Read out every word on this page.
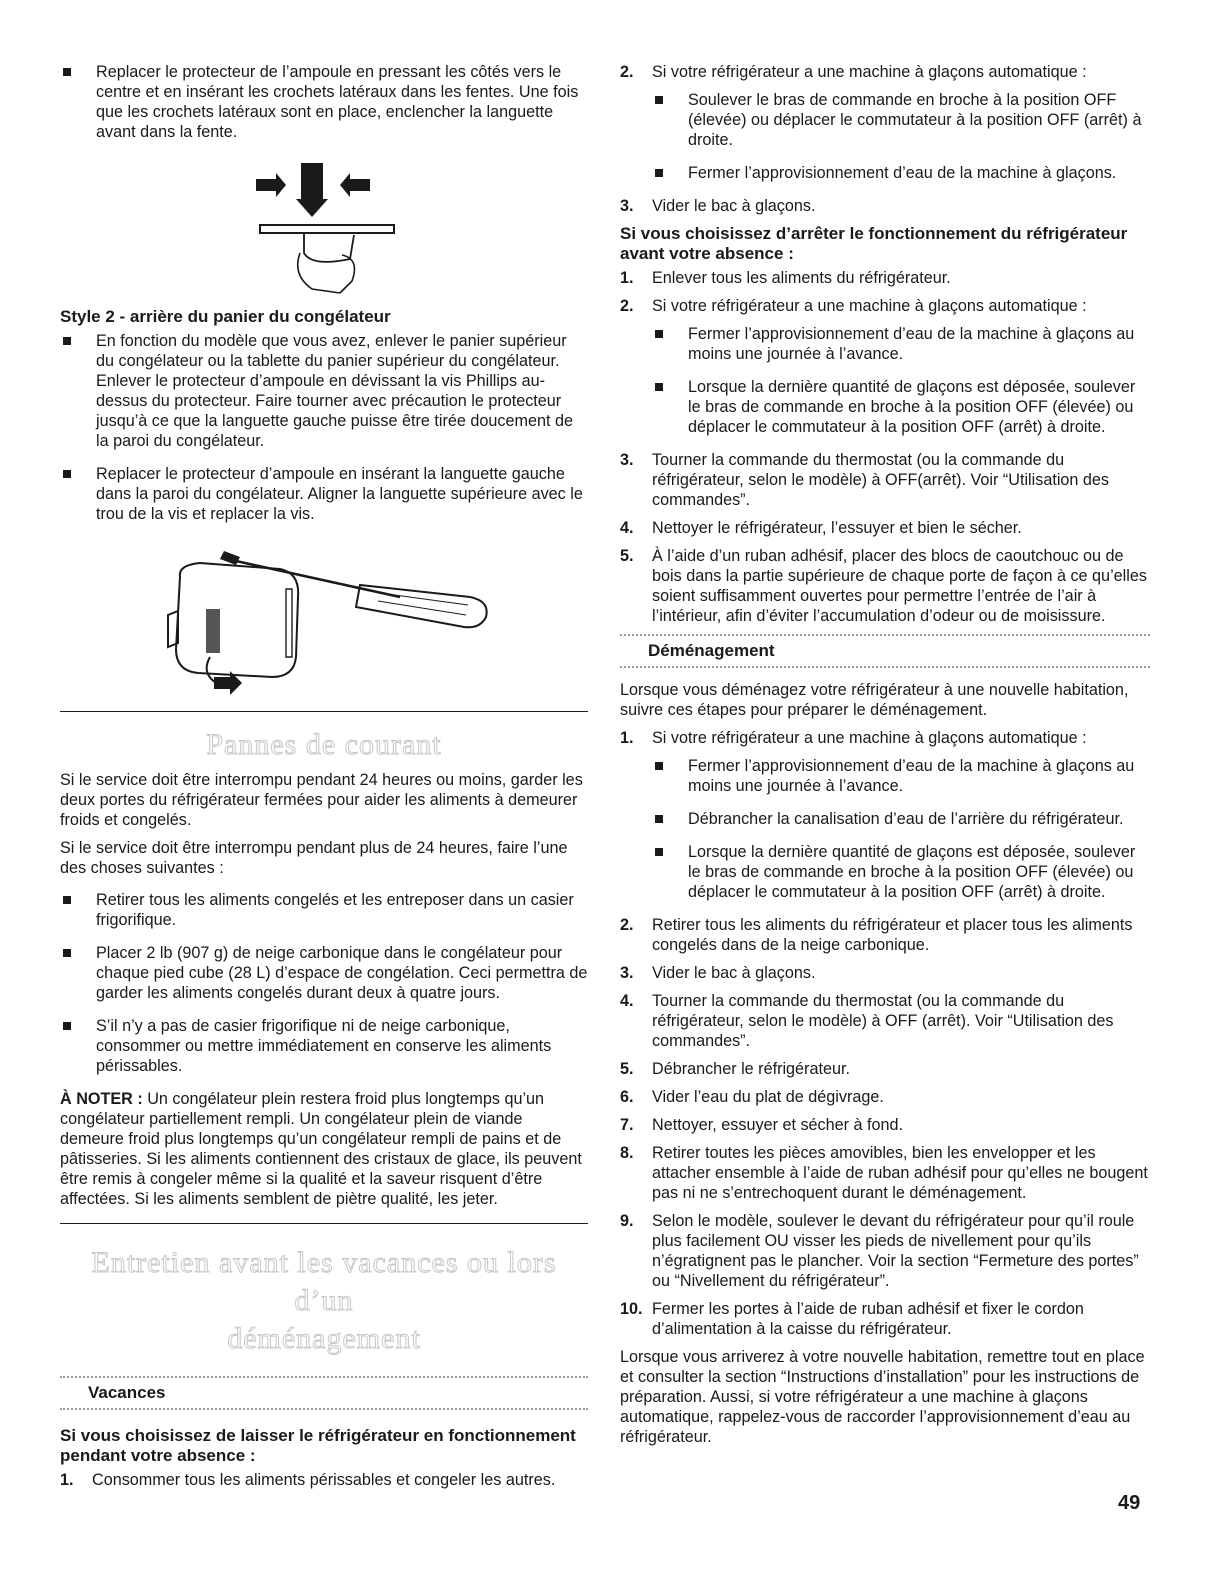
Replacer le protecteur de l’ampoule en pressant les côtés vers le centre et en insérant les crochets latéraux dans les fentes. Une fois que les crochets latéraux sont en place, enclencher la languette avant dans la fente.
Style 2 - arrière du panier du congélateur
En fonction du modèle que vous avez, enlever le panier supérieur du congélateur ou la tablette du panier supérieur du congélateur. Enlever le protecteur d’ampoule en dévissant la vis Phillips au-dessus du protecteur. Faire tourner avec précaution le protecteur jusqu’à ce que la languette gauche puisse être tirée doucement de la paroi du congélateur.
Replacer le protecteur d’ampoule en insérant la languette gauche dans la paroi du congélateur. Aligner la languette supérieure avec le trou de la vis et replacer la vis.
Pannes de courant

Si le service doit être interrompu pendant 24 heures ou moins, garder les deux portes du réfrigérateur fermées pour aider les aliments à demeurer froids et congelés.

Si le service doit être interrompu pendant plus de 24 heures, faire l’une des choses suivantes :

Retirer tous les aliments congelés et les entreposer dans un casier frigorifique.
Placer 2 lb (907 g) de neige carbonique dans le congélateur pour chaque pied cube (28 L) d’espace de congélation. Ceci permettra de garder les aliments congelés durant deux à quatre jours.
S’il n’y a pas de casier frigorifique ni de neige carbonique, consommer ou mettre immédiatement en conserve les aliments périssables.

À NOTER : Un congélateur plein restera froid plus longtemps qu’un congélateur partiellement rempli. Un congélateur plein de viande demeure froid plus longtemps qu’un congélateur rempli de pains et de pâtisseries. Si les aliments contiennent des cristaux de glace, ils peuvent être remis à congeler même si la qualité et la saveur risquent d’être affectées. Si les aliments semblent de piètre qualité, les jeter.

Entretien avant les vacances ou lors d’un
déménagement
Vacances
Si vous choisissez de laisser le réfrigérateur en fonctionnement pendant votre absence :
1. Consommer tous les aliments périssables et congeler les autres.
2. Si votre réfrigérateur a une machine à glaçons automatique :
Soulever le bras de commande en broche à la position OFF (élevée) ou déplacer le commutateur à la position OFF (arrêt) à droite.
Fermer l’approvisionnement d’eau de la machine à glaçons.
3. Vider le bac à glaçons.
Si vous choisissez d’arrêter le fonctionnement du réfrigérateur avant votre absence :
1. Enlever tous les aliments du réfrigérateur.
2. Si votre réfrigérateur a une machine à glaçons automatique :
Fermer l’approvisionnement d’eau de la machine à glaçons au moins une journée à l’avance.
Lorsque la dernière quantité de glaçons est déposée, soulever le bras de commande en broche à la position OFF (élevée) ou déplacer le commutateur à la position OFF (arrêt) à droite.
3. Tourner la commande du thermostat (ou la commande du réfrigérateur, selon le modèle) à OFF(arrêt). Voir “Utilisation des commandes”.
4. Nettoyer le réfrigérateur, l’essuyer et bien le sécher.
5. À l’aide d’un ruban adhésif, placer des blocs de caoutchouc ou de bois dans la partie supérieure de chaque porte de façon à ce qu’elles soient suffisamment ouvertes pour permettre l’entrée de l’air à l’intérieur, afin d’éviter l’accumulation d’odeur ou de moisissure.
Déménagement

Lorsque vous déménagez votre réfrigérateur à une nouvelle habitation, suivre ces étapes pour préparer le déménagement.

1. Si votre réfrigérateur a une machine à glaçons automatique :
Fermer l’approvisionnement d’eau de la machine à glaçons au moins une journée à l’avance.
Débrancher la canalisation d’eau de l’arrière du réfrigérateur.
Lorsque la dernière quantité de glaçons est déposée, soulever le bras de commande en broche à la position OFF (élevée) ou déplacer le commutateur à la position OFF (arrêt) à droite.
2. Retirer tous les aliments du réfrigérateur et placer tous les aliments congelés dans de la neige carbonique.
3. Vider le bac à glaçons.
4. Tourner la commande du thermostat (ou la commande du réfrigérateur, selon le modèle) à OFF (arrêt). Voir “Utilisation des commandes”.
5. Débrancher le réfrigérateur.
6. Vider l’eau du plat de dégivrage.
7. Nettoyer, essuyer et sécher à fond.
8. Retirer toutes les pièces amovibles, bien les envelopper et les attacher ensemble à l’aide de ruban adhésif pour qu’elles ne bougent pas ni ne s’entrechoquent durant le déménagement.
9. Selon le modèle, soulever le devant du réfrigérateur pour qu’il roule plus facilement OU visser les pieds de nivellement pour qu’ils n’égratignent pas le plancher. Voir la section “Fermeture des portes” ou “Nivellement du réfrigérateur”.
10. Fermer les portes à l’aide de ruban adhésif et fixer le cordon d’alimentation à la caisse du réfrigérateur.

Lorsque vous arriverez à votre nouvelle habitation, remettre tout en place et consulter la section “Instructions d’installation” pour les instructions de préparation. Aussi, si votre réfrigérateur a une machine à glaçons automatique, rappelez-vous de raccorder l’approvisionnement d’eau au réfrigérateur.

49
